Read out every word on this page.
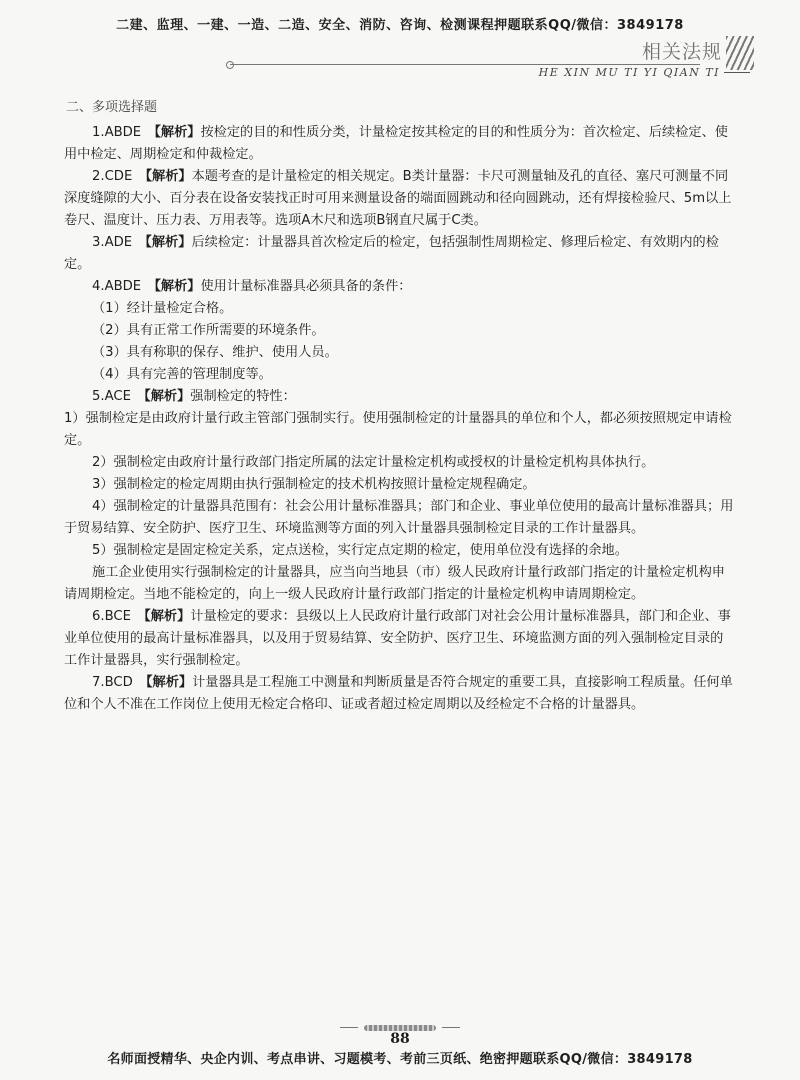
二建、监理、一建、一造、二造、安全、消防、咨询、检测课程押题联系QQ/微信：3849178
相关法规
HE XIN MU TI YI QIAN TI
二、多项选择题

1.ABDE　 【解析】按检定的目的和性质分类，计量检定按其检定的目的和性质分为：首次检定、后续检定、使用中检定、周期检定和仲裁检定。

2.CDE　 【解析】本题考查的是计量检定的相关规定。B类计量器：卡尺可测量轴及孔的直径、塞尺可测量不同深度缝隙的大小、百分表在设备安装找正时可用来测量设备的端面圆跳动和径向圆跳动，还有焊接检验尺、5m以上卷尺、温度计、压力表、万用表等。选项A木尺和选项B钢直尺属于C类。

3.ADE　 【解析】后续检定：计量器具首次检定后的检定，包括强制性周期检定、修理后检定、有效期内的检定。

4.ABDE　 【解析】使用计量标准器具必须具备的条件：

（1）经计量检定合格。

（2）具有正常工作所需要的环境条件。

（3）具有称职的保存、维护、使用人员。

（4）具有完善的管理制度等。

5.ACE　 【解析】强制检定的特性：

1）强制检定是由政府计量行政主管部门强制实行。使用强制检定的计量器具的单位和个人，都必须按照规定申请检定。

2）强制检定由政府计量行政部门指定所属的法定计量检定机构或授权的计量检定机构具体执行。

3）强制检定的检定周期由执行强制检定的技术机构按照计量检定规程确定。

4）强制检定的计量器具范围有：社会公用计量标准器具；部门和企业、事业单位使用的最高计量标准器具；用于贸易结算、安全防护、医疗卫生、环境监测等方面的列入计量器具强制检定目录的工作计量器具。

5）强制检定是固定检定关系，定点送检，实行定点定期的检定，使用单位没有选择的余地。

施工企业使用实行强制检定的计量器具，应当向当地县（市）级人民政府计量行政部门指定的计量检定机构申请周期检定。当地不能检定的，向上一级人民政府计量行政部门指定的计量检定机构申请周期检定。

6.BCE　 【解析】计量检定的要求：县级以上人民政府计量行政部门对社会公用计量标准器具，部门和企业、事业单位使用的最高计量标准器具，以及用于贸易结算、安全防护、医疗卫生、环境监测方面的列入强制检定目录的工作计量器具，实行强制检定。

7.BCD　 【解析】计量器具是工程施工中测量和判断质量是否符合规定的重要工具，直接影响工程质量。任何单位和个人不准在工作岗位上使用无检定合格印、证或者超过检定周期以及经检定不合格的计量器具。

88
名师面授精华、央企内训、考点串讲、习题模考、考前三页纸、绝密押题联系QQ/微信：3849178
